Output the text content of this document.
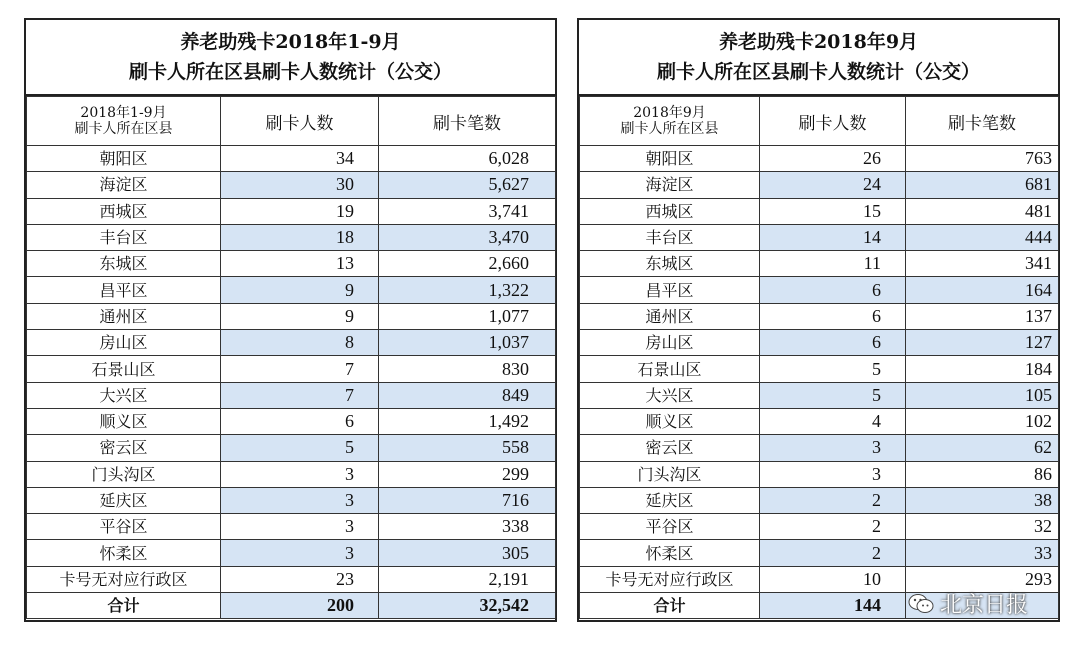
养老助残卡2018年1-9月
刷卡人所在区县刷卡人数统计（公交）
2018年1-9月
刷卡人所在区县	刷卡人数	刷卡笔数
朝阳区	34	6,028
海淀区	30	5,627
西城区	19	3,741
丰台区	18	3,470
东城区	13	2,660
昌平区	9	1,322
通州区	9	1,077
房山区	8	1,037
石景山区	7	830
大兴区	7	849
顺义区	6	1,492
密云区	5	558
门头沟区	3	299
延庆区	3	716
平谷区	3	338
怀柔区	3	305
卡号无对应行政区	23	2,191
合计	200	32,542
养老助残卡2018年9月
刷卡人所在区县刷卡人数统计（公交）
2018年9月
刷卡人所在区县	刷卡人数	刷卡笔数
朝阳区	26	763
海淀区	24	681
西城区	15	481
丰台区	14	444
东城区	11	341
昌平区	6	164
通州区	6	137
房山区	6	127
石景山区	5	184
大兴区	5	105
顺义区	4	102
密云区	3	62
门头沟区	3	86
延庆区	2	38
平谷区	2	32
怀柔区	2	33
卡号无对应行政区	10	293
合计	144		北京日报
